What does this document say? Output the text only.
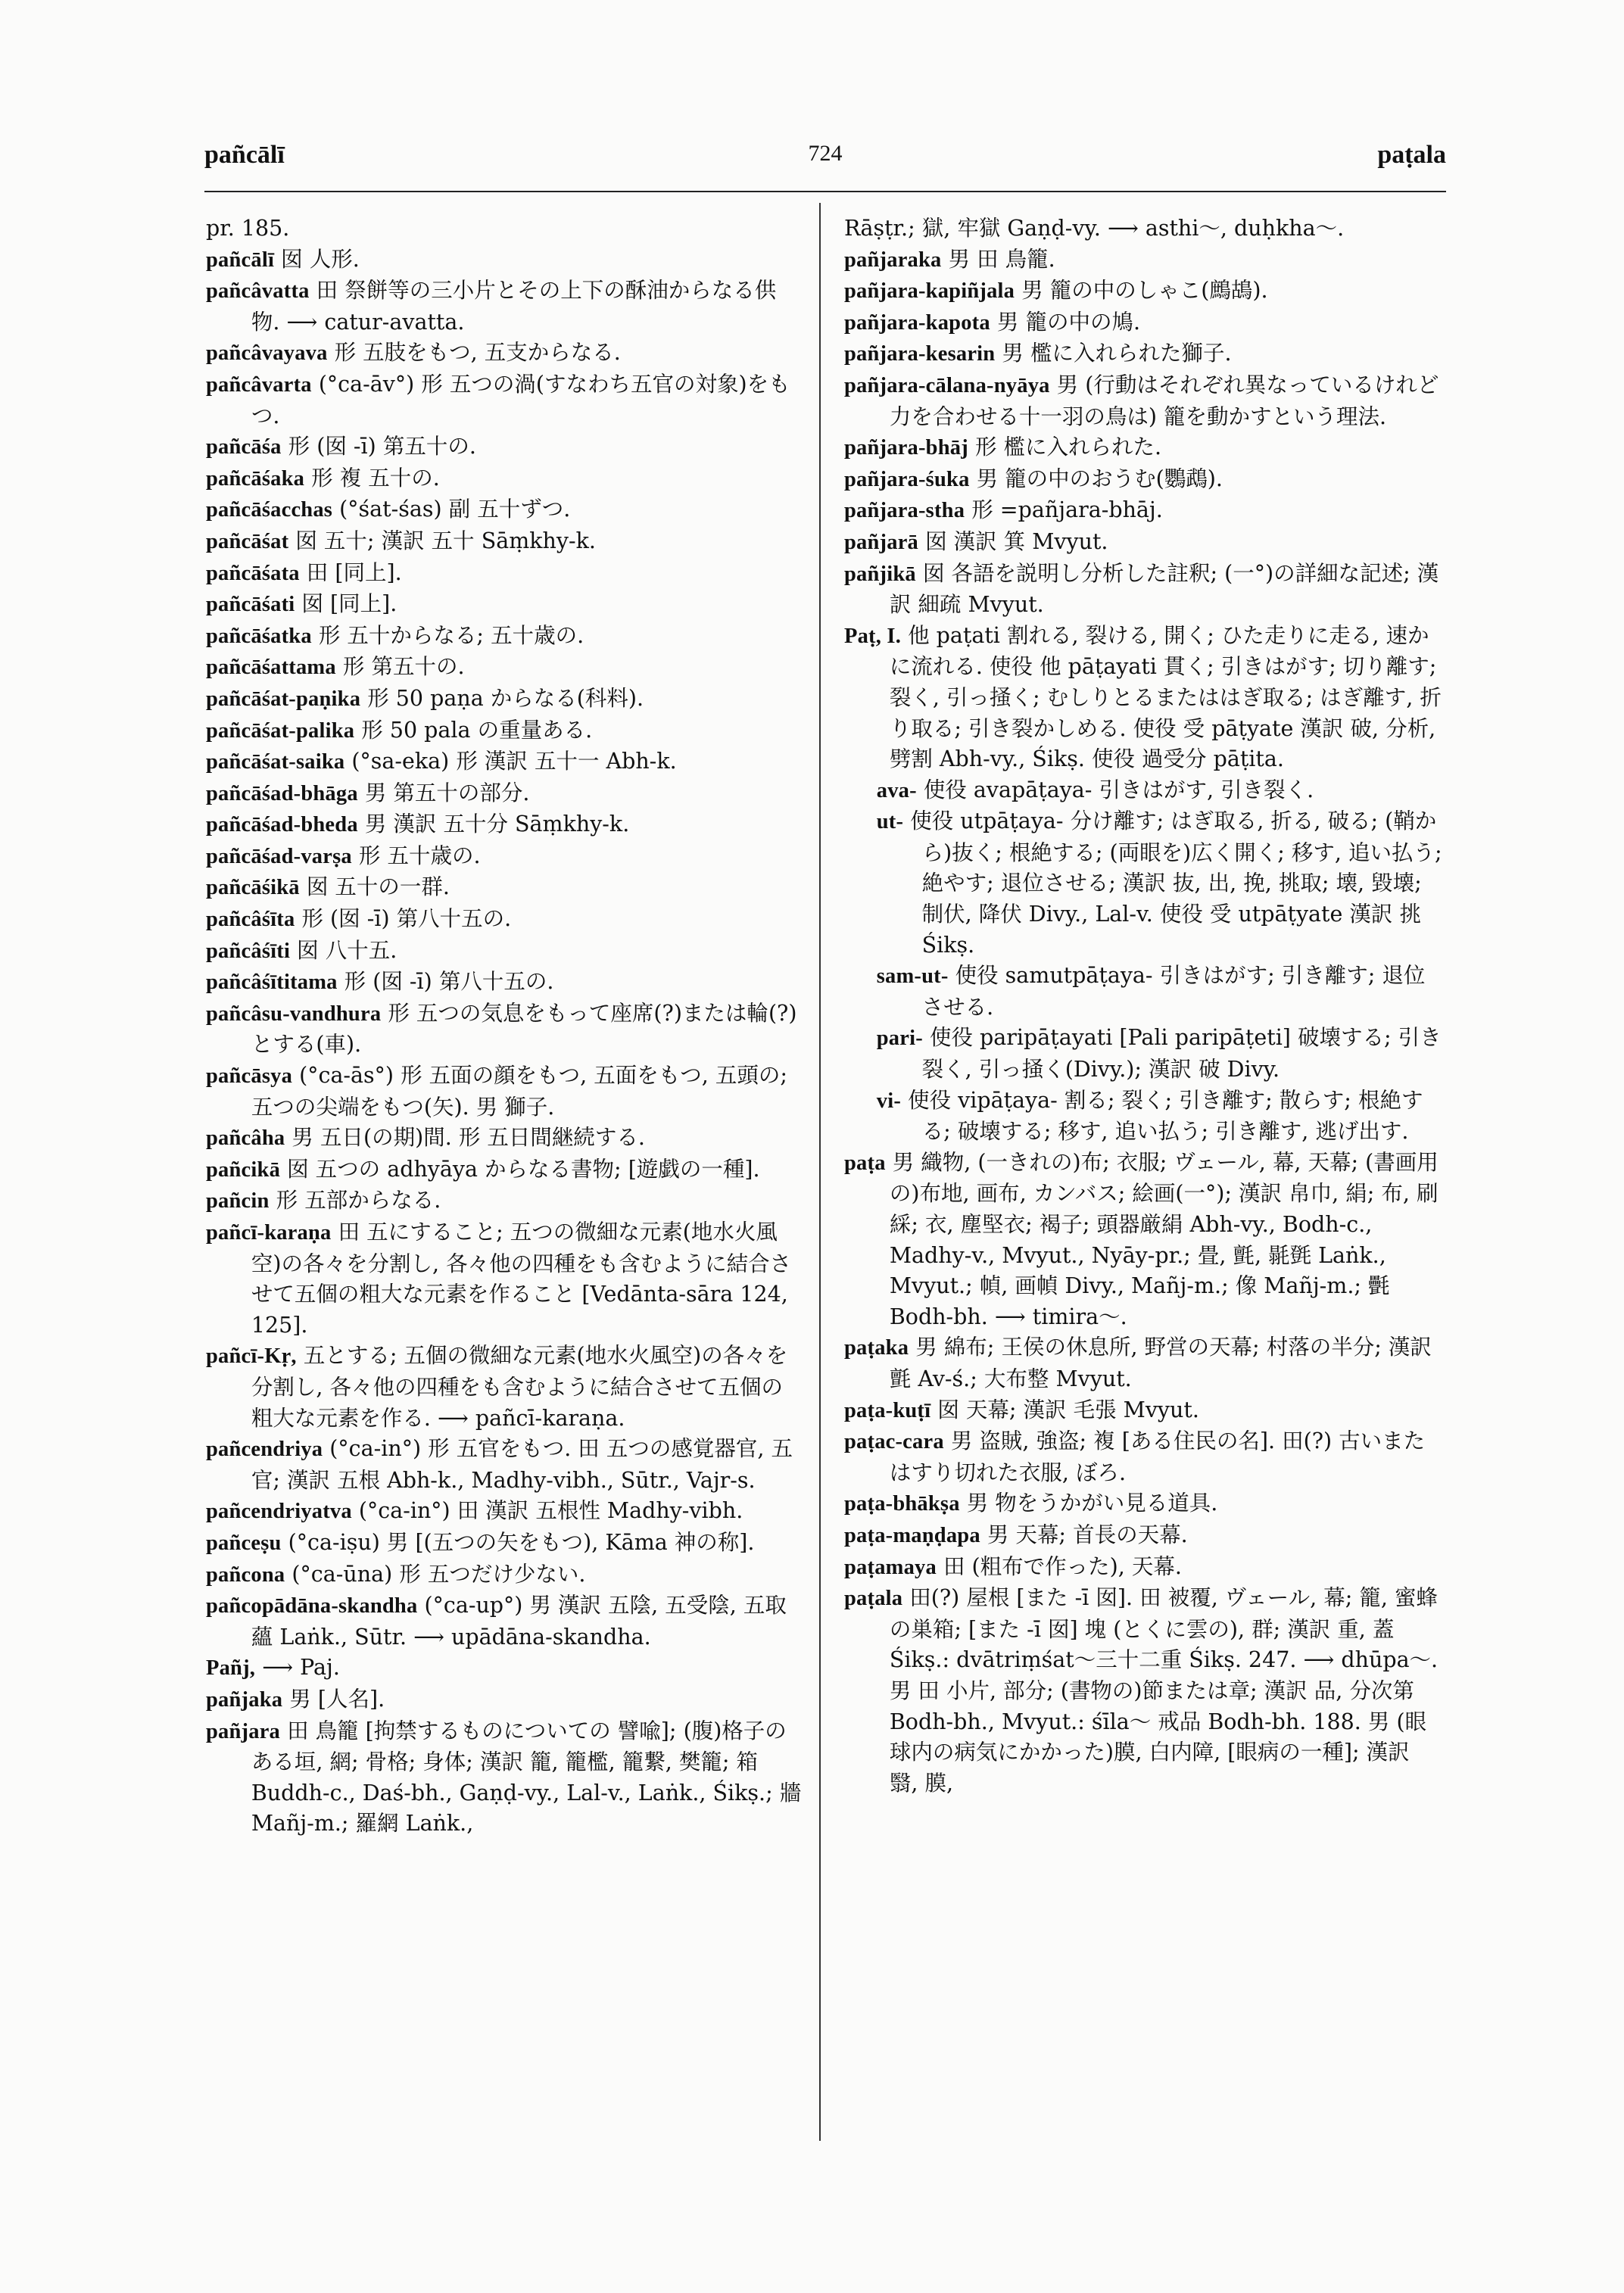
pañcālī	724	paṭala

pr. 185.

pañcālī 囡 人形.

pañcâvatta 田 祭餅等の三小片とその上下の酥油からなる供物. ⟶ catur-avatta.

pañcâvayava 形 五肢をもつ, 五支からなる.

pañcâvarta (°ca-āv°) 形 五つの渦(すなわち五官の対象)をもつ.

pañcāśa 形 (囡 -ī) 第五十の.

pañcāśaka 形 複 五十の.

pañcāśacchas (°śat-śas) 副 五十ずつ.

pañcāśat 囡 五十; 漢訳 五十 Sāṃkhy-k.

pañcāśata 田 [同上].

pañcāśati 囡 [同上].

pañcāśatka 形 五十からなる; 五十歳の.

pañcāśattama 形 第五十の.

pañcāśat-paṇika 形 50 paṇa からなる(科料).

pañcāśat-palika 形 50 pala の重量ある.

pañcāśat-saika (°sa-eka) 形 漢訳 五十一 Abh-k.

pañcāśad-bhāga 男 第五十の部分.

pañcāśad-bheda 男 漢訳 五十分 Sāṃkhy-k.

pañcāśad-varṣa 形 五十歳の.

pañcāśikā 囡 五十の一群.

pañcâśīta 形 (囡 -ī) 第八十五の.

pañcâśīti 囡 八十五.

pañcâśītitama 形 (囡 -ī) 第八十五の.

pañcâsu-vandhura 形 五つの気息をもって座席(?)または輪(?)とする(車).

pañcāsya (°ca-ās°) 形 五面の顔をもつ, 五面をもつ, 五頭の; 五つの尖端をもつ(矢). 男 獅子.

pañcâha 男 五日(の期)間. 形 五日間継続する.

pañcikā 囡 五つの adhyāya からなる書物; [遊戯の一種].

pañcin 形 五部からなる.

pañcī-karaṇa 田 五にすること; 五つの微細な元素(地水火風空)の各々を分割し, 各々他の四種をも含むように結合させて五個の粗大な元素を作ること [Vedānta-sāra 124, 125].

pañcī-Kṛ, 五とする; 五個の微細な元素(地水火風空)の各々を分割し, 各々他の四種をも含むように結合させて五個の粗大な元素を作る. ⟶ pañcī-karaṇa.

pañcendriya (°ca-in°) 形 五官をもつ. 田 五つの感覚器官, 五官; 漢訳 五根 Abh-k., Madhy-vibh., Sūtr., Vajr-s.

pañcendriyatva (°ca-in°) 田 漢訳 五根性 Madhy-vibh.

pañceṣu (°ca-iṣu) 男 [(五つの矢をもつ), Kāma 神の称].

pañcona (°ca-ūna) 形 五つだけ少ない.

pañcopādāna-skandha (°ca-up°) 男 漢訳 五陰, 五受陰, 五取蘊 Laṅk., Sūtr. ⟶ upādāna-skandha.

Pañj, ⟶ Paj.

pañjaka 男 [人名].

pañjara 田 鳥籠 [拘禁するものについての 譬喩]; (腹)格子のある垣, 網; 骨格; 身体; 漢訳 籠, 籠檻, 籠繋, 樊籠; 箱 Buddh-c., Daś-bh., Gaṇḍ-vy., Lal-v., Laṅk., Śikṣ.; 牆 Mañj-m.; 羅網 Laṅk.,

Rāṣṭr.; 獄, 牢獄 Gaṇḍ-vy. ⟶ asthi〜, duḥkha〜.

pañjaraka 男 田 鳥籠.

pañjara-kapiñjala 男 籠の中のしゃこ(鷓鴣).

pañjara-kapota 男 籠の中の鳩.

pañjara-kesarin 男 檻に入れられた獅子.

pañjara-cālana-nyāya 男 (行動はそれぞれ異なっているけれど力を合わせる十一羽の鳥は) 籠を動かすという理法.

pañjara-bhāj 形 檻に入れられた.

pañjara-śuka 男 籠の中のおうむ(鸚鵡).

pañjara-stha 形 =pañjara-bhāj.

pañjarā 囡 漢訳 箕 Mvyut.

pañjikā 囡 各語を説明し分析した註釈; (一°)の詳細な記述; 漢訳 細疏 Mvyut.

Paṭ, I. 他 paṭati 割れる, 裂ける, 開く; ひた走りに走る, 速かに流れる. 使役 他 pāṭayati 貫く; 引きはがす; 切り離す; 裂く, 引っ掻く; むしりとるまたははぎ取る; はぎ離す, 折り取る; 引き裂かしめる. 使役 受 pāṭyate 漢訳 破, 分析, 劈割 Abh-vy., Śikṣ. 使役 過受分 pāṭita.

ava- 使役 avapāṭaya- 引きはがす, 引き裂く.

ut- 使役 utpāṭaya- 分け離す; はぎ取る, 折る, 破る; (鞘から)抜く; 根絶する; (両眼を)広く開く; 移す, 追い払う; 絶やす; 退位させる; 漢訳 抜, 出, 挽, 挑取; 壊, 毀壊; 制伏, 降伏 Divy., Lal-v. 使役 受 utpāṭyate 漢訳 挑 Śikṣ.

sam-ut- 使役 samutpāṭaya- 引きはがす; 引き離す; 退位させる.

pari- 使役 paripāṭayati [Pali paripāṭeti] 破壊する; 引き裂く, 引っ掻く(Divy.); 漢訳 破 Divy.

vi- 使役 vipāṭaya- 割る; 裂く; 引き離す; 散らす; 根絶する; 破壊する; 移す, 追い払う; 引き離す, 逃げ出す.

paṭa 男 織物, (一きれの)布; 衣服; ヴェール, 幕, 天幕; (書画用の)布地, 画布, カンバス; 絵画(一°); 漢訳 帛巾, 絹; 布, 刷綵; 衣, 塵堅衣; 褐子; 頭器厳絹 Abh-vy., Bodh-c., Madhy-v., Mvyut., Nyāy-pr.; 畳, 氈, 毾㲪 Laṅk., Mvyut.; 幀, 画幀 Divy., Mañj-m.; 像 Mañj-m.; 㲲 Bodh-bh. ⟶ timira〜.

paṭaka 男 綿布; 王侯の休息所, 野営の天幕; 村落の半分; 漢訳 氈 Av-ś.; 大布整 Mvyut.

paṭa-kuṭī 囡 天幕; 漢訳 毛張 Mvyut.

paṭac-cara 男 盗賊, 強盗; 複 [ある住民の名]. 田(?) 古いまたはすり切れた衣服, ぼろ.

paṭa-bhākṣa 男 物をうかがい見る道具.

paṭa-maṇḍapa 男 天幕; 首長の天幕.

paṭamaya 田 (粗布で作った), 天幕.

paṭala 田(?) 屋根 [また -ī 囡]. 田 被覆, ヴェール, 幕; 籠, 蜜蜂の巣箱; [また -ī 囡] 塊 (とくに雲の), 群; 漢訳 重, 蓋 Śikṣ.: dvātriṃśat〜三十二重 Śikṣ. 247. ⟶ dhūpa〜. 男 田 小片, 部分; (書物の)節または章; 漢訳 品, 分次第 Bodh-bh., Mvyut.: śīla〜 戒品 Bodh-bh. 188. 男 (眼球内の病気にかかった)膜, 白内障, [眼病の一種]; 漢訳 翳, 膜,
